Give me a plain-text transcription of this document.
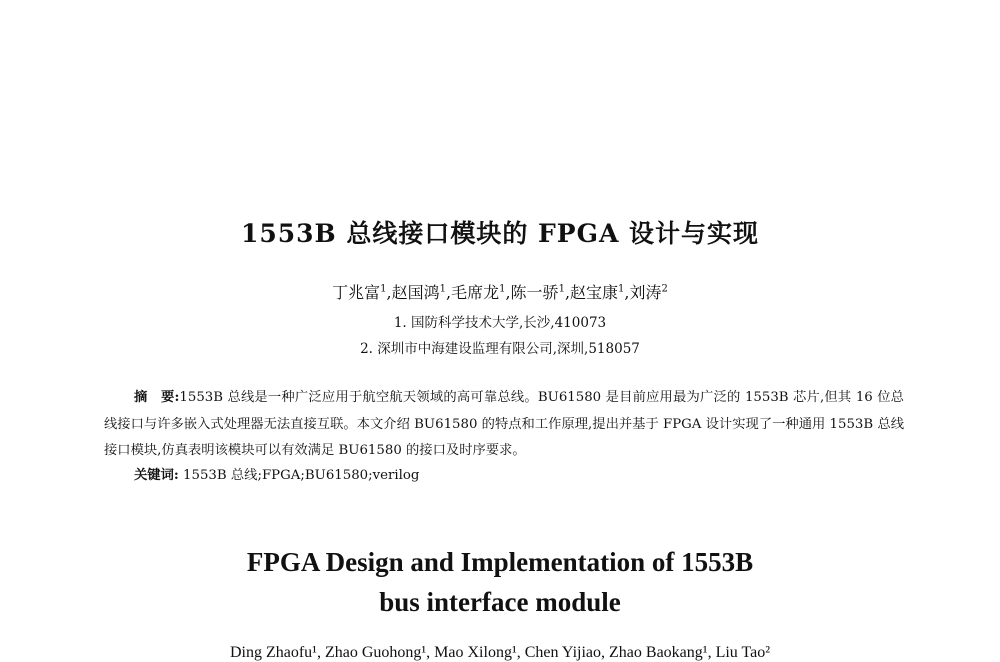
1553B 总线接口模块的 FPGA 设计与实现
丁兆富$^1$,赵国鸿$^1$,毛席龙$^1$,陈一骄$^1$,赵宝康$^1$,刘涛$^2$
1. 国防科学技术大学,长沙,410073
2. 深圳市中海建设监理有限公司,深圳,518057
摘　要:1553B 总线是一种广泛应用于航空航天领域的高可靠总线。BU61580 是目前应用最为广泛的 1553B 芯片,但其 16 位总线接口与许多嵌入式处理器无法直接互联。本文介绍 BU61580 的特点和工作原理,提出并基于 FPGA 设计实现了一种通用 1553B 总线接口模块,仿真表明该模块可以有效满足 BU61580 的接口及时序要求。
关键词: 1553B 总线;FPGA;BU61580;verilog
FPGA Design and Implementation of 1553B
bus interface module
Ding Zhaofu¹, Zhao Guohong¹, Mao Xilong¹, Chen Yijiao, Zhao Baokang¹, Liu Tao²
